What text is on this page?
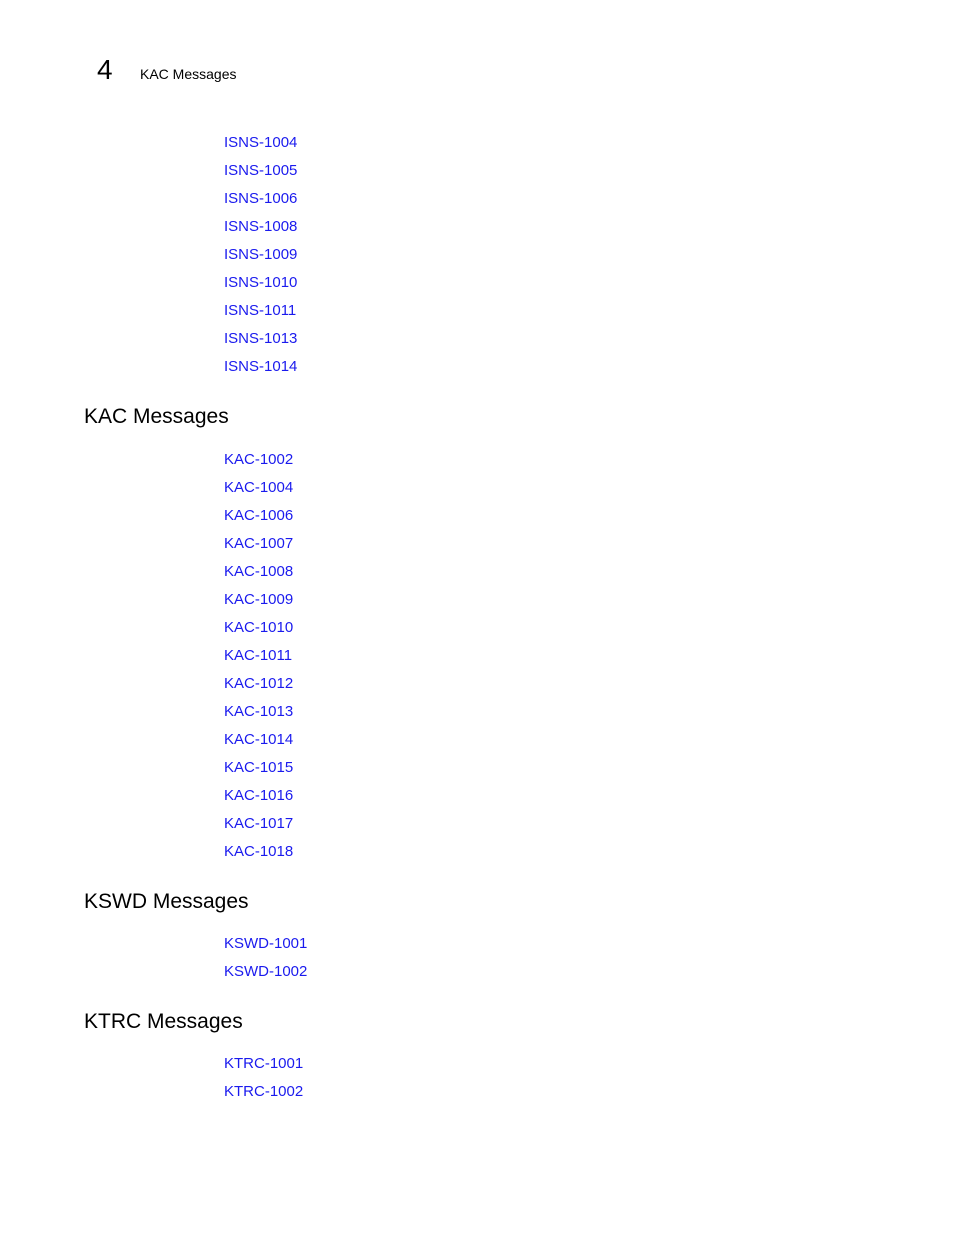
4 KAC Messages
ISNS-1004
ISNS-1005
ISNS-1006
ISNS-1008
ISNS-1009
ISNS-1010
ISNS-1011
ISNS-1013
ISNS-1014
KAC Messages
KAC-1002
KAC-1004
KAC-1006
KAC-1007
KAC-1008
KAC-1009
KAC-1010
KAC-1011
KAC-1012
KAC-1013
KAC-1014
KAC-1015
KAC-1016
KAC-1017
KAC-1018
KSWD Messages
KSWD-1001
KSWD-1002
KTRC Messages
KTRC-1001
KTRC-1002
